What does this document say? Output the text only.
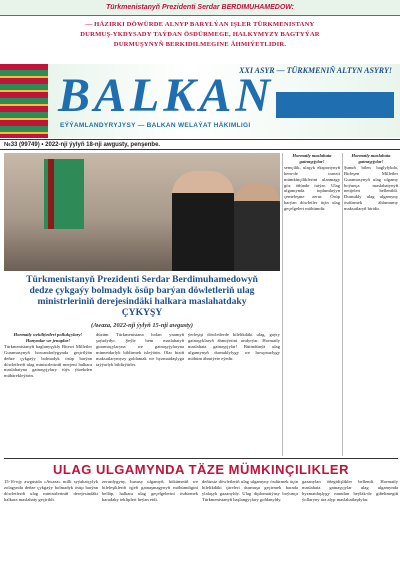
Türkmenistanyň Prezidenti Serdar BERDIMUHAMEDOW:
— HÄZIRKI DÖWÜRDE ALNYP BARYLÝAN IŞLER TÜRKMENISTANY
DURMUŞ-YKDYSADY TAÝDAN ÖSDÜRMEGE, HALKYMYZY BAGTYÝAR
DURMUŞYNYŇ BERKIDILMEGINE ÄHMIÝETLIDIR.
XXI ASYR — TÜRKMENIŇ ALTYN ASYRY!
BALKAN
EÝÝAMLANDYRYJYSY — BALKAN WELAÝAT HÄKIMLIGI
№33 (99749) • 2022-nji ýylyň 18-nji awgusty, penşenbe.
Türkmenistanyň Prezidenti Serdar Berdimuhamedowyň
dedze çykgaýy bolmadyk ösüp barýan döwletleriň ulag
ministrleriniň derejesindäki halkara maslahatdaky
ÇYKYŞY
(Awaza, 2022-nji ýylyň 15-nji awgusty)
Hormatly wekiliýetleri pollukçylary!
Hanymlar we jenaplar!
Türkmenistanyň baglanyşykly Bitewi Milletler Guramasynyň howandarlygynda geçirilýän deňze çykgaýy bolmadyk ösüp barýan döwletleriň ulag ministrleriniň merjeni halkara maslahatyna gatnaşyjylary tüýs ýürekden mübärekleýärin.
düzüm Türkmenistana bolan ynamyň şaýadydyr. Şeýle hem maslahatyň guramaçylaryna we gatnaşyjylaryna minnetdarlyk bildirmek isleýärin. Olar biziň maksatlarymyzy goldamak we hyzmatdaşlyga taýýarlyk bildirýärler.
ýerleşişi döwletlerde bilelikdäki ulag, gaýry gatnaşyklaryň ähmiýetini artdyrýar. Hormatly maslahata gatnaşyjylar! Bütindünýä ulag ulgamynyň durnuklylygy we howpsuzlygy möhüm ähmiýete eýedir.
Hormatly maslahata gatnaşyjylar!
semçilik, ulaşyk eksportynyň hem-de tranzit mümkinçiliklerini ulanmagy göz öňünde tutýar. Ulag ulgamynda toplumlaýyn çemeleşme zerur. Ösüp barýan döwletler üçin ulag geçelgeleri möhümdir.
Hormatly maslahata gatnaşyjylar!
Şunuň bilen baglylykda, Birleşen Milletler Guramasynyň ulag ulgamy boýunça maslahatynyň netijeleri bellenildi. Durnukly ulag ulgamyny ösdürmek ählumumy maksatlaryň biridir.
ULAG ULGAMYNDA TÄZE MÜMKINÇILIKLER
15-16-njy awgustda «Awaza» milli syýahatçylyk zolagynda deňze çykgaýy bolmadyk ösüp barýan döwletleriň ulag ministrleriniň derejesindäki halkara maslahaty geçirildi.
zerurdygyny, hususy ulgamyň, hökümetiň we bileleşikleriň işjeň gatnaşmagynyň möhümdigini belläp, halkara ulag geçelgelerini ösdürmek baradaky teklipleri beýan etdi.
deňizsiz döwletleriň ulag ulgamyny ösdürmek üçin bilelikdäki çäreleri durmuşa geçirmek barada ylalaşyk gazanyldy. Ulag diplomatiýasy boýunça Türkmenistanyň başlangyçlary goldanyldy.
gazanylan öňegidişlikler bellendi. Hormatly maslahata gatnaşyjylar ulag ulgamynda hyzmatdaşlygy mundan beýläk-de giňeltmegiň ýollaryny ara alyp maslahatlaşdylar.
